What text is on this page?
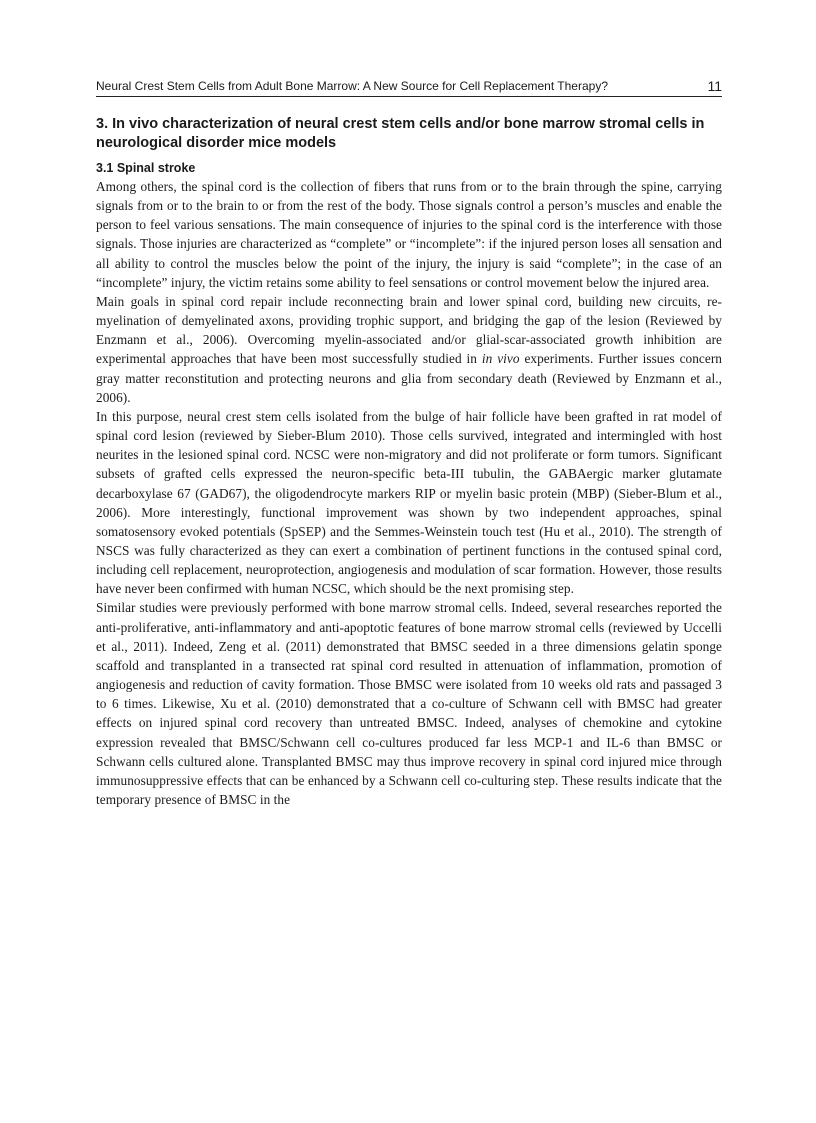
Neural Crest Stem Cells from Adult Bone Marrow: A New Source for Cell Replacement Therapy?	11
3. In vivo characterization of neural crest stem cells and/or bone marrow stromal cells in neurological disorder mice models
3.1 Spinal stroke

Among others, the spinal cord is the collection of fibers that runs from or to the brain through the spine, carrying signals from or to the brain to or from the rest of the body. Those signals control a person’s muscles and enable the person to feel various sensations. The main consequence of injuries to the spinal cord is the interference with those signals. Those injuries are characterized as “complete” or “incomplete”: if the injured person loses all sensation and all ability to control the muscles below the point of the injury, the injury is said “complete”; in the case of an “incomplete” injury, the victim retains some ability to feel sensations or control movement below the injured area.

Main goals in spinal cord repair include reconnecting brain and lower spinal cord, building new circuits, re-myelination of demyelinated axons, providing trophic support, and bridging the gap of the lesion (Reviewed by Enzmann et al., 2006). Overcoming myelin-associated and/or glial-scar-associated growth inhibition are experimental approaches that have been most successfully studied in in vivo experiments. Further issues concern gray matter reconstitution and protecting neurons and glia from secondary death (Reviewed by Enzmann et al., 2006).

In this purpose, neural crest stem cells isolated from the bulge of hair follicle have been grafted in rat model of spinal cord lesion (reviewed by Sieber-Blum 2010). Those cells survived, integrated and intermingled with host neurites in the lesioned spinal cord. NCSC were non-migratory and did not proliferate or form tumors. Significant subsets of grafted cells expressed the neuron-specific beta-III tubulin, the GABAergic marker glutamate decarboxylase 67 (GAD67), the oligodendrocyte markers RIP or myelin basic protein (MBP) (Sieber-Blum et al., 2006). More interestingly, functional improvement was shown by two independent approaches, spinal somatosensory evoked potentials (SpSEP) and the Semmes-Weinstein touch test (Hu et al., 2010). The strength of NSCS was fully characterized as they can exert a combination of pertinent functions in the contused spinal cord, including cell replacement, neuroprotection, angiogenesis and modulation of scar formation. However, those results have never been confirmed with human NCSC, which should be the next promising step.

Similar studies were previously performed with bone marrow stromal cells. Indeed, several researches reported the anti-proliferative, anti-inflammatory and anti-apoptotic features of bone marrow stromal cells (reviewed by Uccelli et al., 2011). Indeed, Zeng et al. (2011) demonstrated that BMSC seeded in a three dimensions gelatin sponge scaffold and transplanted in a transected rat spinal cord resulted in attenuation of inflammation, promotion of angiogenesis and reduction of cavity formation. Those BMSC were isolated from 10 weeks old rats and passaged 3 to 6 times. Likewise, Xu et al. (2010) demonstrated that a co-culture of Schwann cell with BMSC had greater effects on injured spinal cord recovery than untreated BMSC. Indeed, analyses of chemokine and cytokine expression revealed that BMSC/Schwann cell co-cultures produced far less MCP-1 and IL-6 than BMSC or Schwann cells cultured alone. Transplanted BMSC may thus improve recovery in spinal cord injured mice through immunosuppressive effects that can be enhanced by a Schwann cell co-culturing step. These results indicate that the temporary presence of BMSC in the
